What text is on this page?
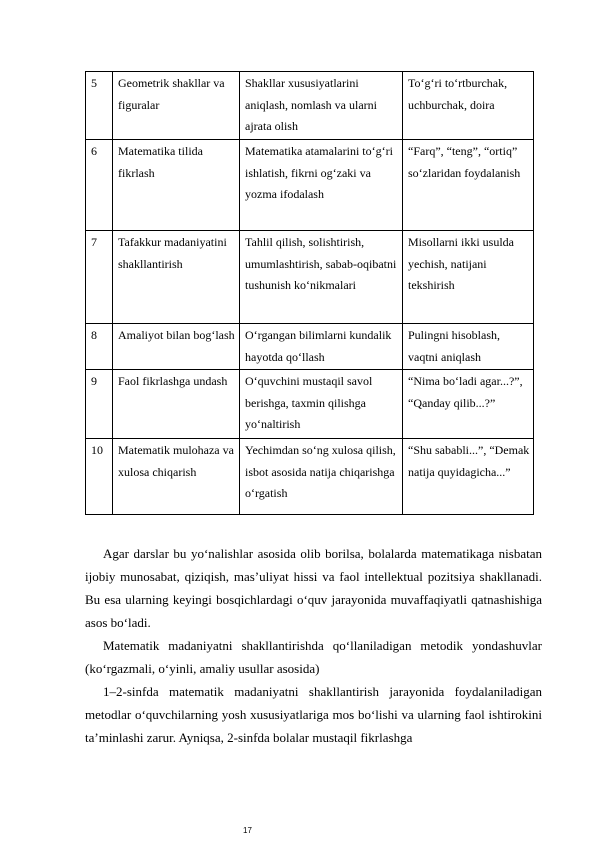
5	Geometrik shakllar va figuralar	Shakllar xususiyatlarini aniqlash, nomlash va ularni ajrata olish	To‘g‘ri to‘rtburchak, uchburchak, doira
6	Matematika tilida fikrlash	Matematika atamalarini to‘g‘ri ishlatish, fikrni og‘zaki va yozma ifodalash	“Farq”, “teng”, “ortiq” so‘zlaridan foydalanish
7	Tafakkur madaniyatini shakllantirish	Tahlil qilish, solishtirish, umumlashtirish, sabab-oqibatni tushunish ko‘nikmalari	Misollarni ikki usulda yechish, natijani tekshirish
8	Amaliyot bilan bog‘lash	O‘rgangan bilimlarni kundalik hayotda qo‘llash	Pulingni hisoblash, vaqtni aniqlash
9	Faol fikrlashga undash	O‘quvchini mustaqil savol berishga, taxmin qilishga yo‘naltirish	“Nima bo‘ladi agar...?”, “Qanday qilib...?”
10	Matematik mulohaza va xulosa chiqarish	Yechimdan so‘ng xulosa qilish, isbot asosida natija chiqarishga o‘rgatish	“Shu sababli...”, “Demak natija quyidagicha...”

Agar darslar bu yo‘nalishlar asosida olib borilsa, bolalarda matematikaga nisbatan ijobiy munosabat, qiziqish, mas’uliyat hissi va faol intellektual pozitsiya shakllanadi. Bu esa ularning keyingi bosqichlardagi o‘quv jarayonida muvaffaqiyatli qatnashishiga asos bo‘ladi.

Matematik madaniyatni shakllantirishda qo‘llaniladigan metodik yondashuvlar (ko‘rgazmali, o‘yinli, amaliy usullar asosida)

1–2-sinfda matematik madaniyatni shakllantirish jarayonida foydalaniladigan metodlar o‘quvchilarning yosh xususiyatlariga mos bo‘lishi va ularning faol ishtirokini ta’minlashi zarur. Ayniqsa, 2-sinfda bolalar mustaqil fikrlashga

17
